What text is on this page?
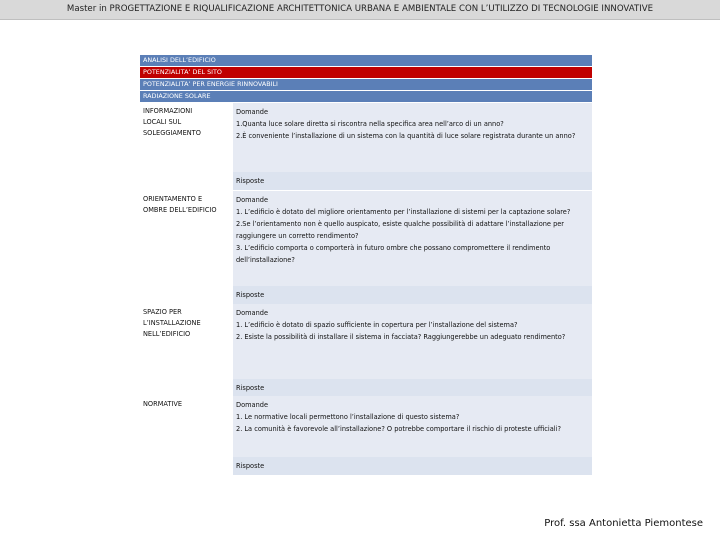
Master in PROGETTAZIONE E RIQUALIFICAZIONE ARCHITETTONICA URBANA E AMBIENTALE CON L’UTILIZZO DI TECNOLOGIE INNOVATIVE
ANALISI DELL’EDIFICIO
POTENZIALITA’ DEL SITO
POTENZIALITA’ PER ENERGIE RINNOVABILI
RADIAZIONE SOLARE
INFORMAZIONI
LOCALI SUL
SOLEGGIAMENTO
Domande
1.Quanta luce solare diretta si riscontra nella specifica area nell’arco di un anno?
2.È conveniente l’installazione di un sistema con la quantità di luce solare registrata durante un anno?
Risposte
ORIENTAMENTO E
OMBRE DELL’EDIFICIO
Domande
1. L’edificio è dotato del migliore orientamento per l’installazione di sistemi per la captazione solare?
2.Se l’orientamento non è quello auspicato, esiste qualche possibilità di adattare l’installazione per raggiungere un corretto rendimento?
3. L’edificio comporta o comporterà in futuro ombre che possano compromettere il rendimento dell’installazione?
Risposte
SPAZIO PER
L’INSTALLAZIONE
NELL’EDIFICIO
Domande
1. L’edificio è dotato di spazio sufficiente in copertura per l’installazione del sistema?
2. Esiste la possibilità di installare il sistema in facciata? Raggiungerebbe un adeguato rendimento?
Risposte
NORMATIVE	Domande
1. Le normative locali permettono l’installazione di questo sistema?
2. La comunità è favorevole all’installazione? O potrebbe comportare il rischio di proteste ufficiali?
Risposte
Prof. ssa Antonietta Piemontese
